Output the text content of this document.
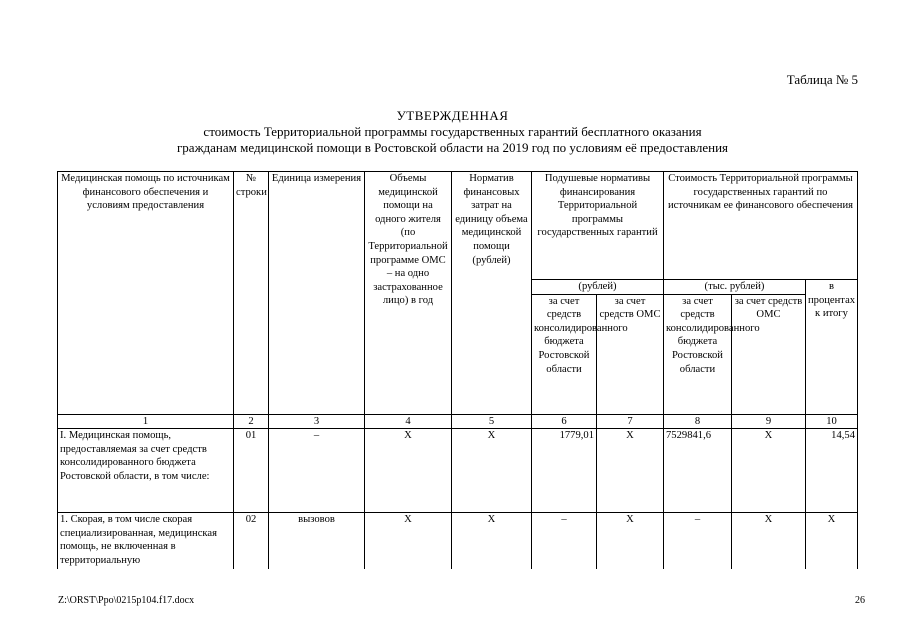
Таблица № 5
УТВЕРЖДЕННАЯ
стоимость Территориальной программы государственных гарантий бесплатного оказания
гражданам медицинской помощи в Ростовской области на 2019 год по условиям её предоставления
Медицинская помощь по источникам финансового обеспечения и условиям предоставления	№ строки	Единица измерения	Объемы медицинской помощи на одного жителя (по Территориальной программе ОМС – на одно застрахованное лицо) в год	Норматив финансовых затрат на единицу объема медицинской помощи (рублей)	Подушевые нормативы финансирования Территориальной программы государственных гарантий		Стоимость Территориальной программы государственных гарантий по источникам ее финансового обеспечения		
					(рублей)		(тыс. рублей)		в процентах к итогу
					за счет средств консолидированного бюджета Ростовской области	за счет средств ОМС	за счет средств консолидированного бюджета Ростовской области	за счет средств ОМС	
1	2	3	4	5	6	7	8	9	10
I. Медицинская помощь, предоставляемая за счет средств консолидированного бюджета Ростовской области, в том числе:	01	–	Х	Х	1779,01	Х	7529841,6	Х	14,54
1. Скорая, в том числе скорая специализированная, медицинская помощь, не включенная в территориальную	02	вызовов	Х	Х	–	Х	–	Х	Х
Z:\ORST\Ppo\0215p104.f17.docx	26
